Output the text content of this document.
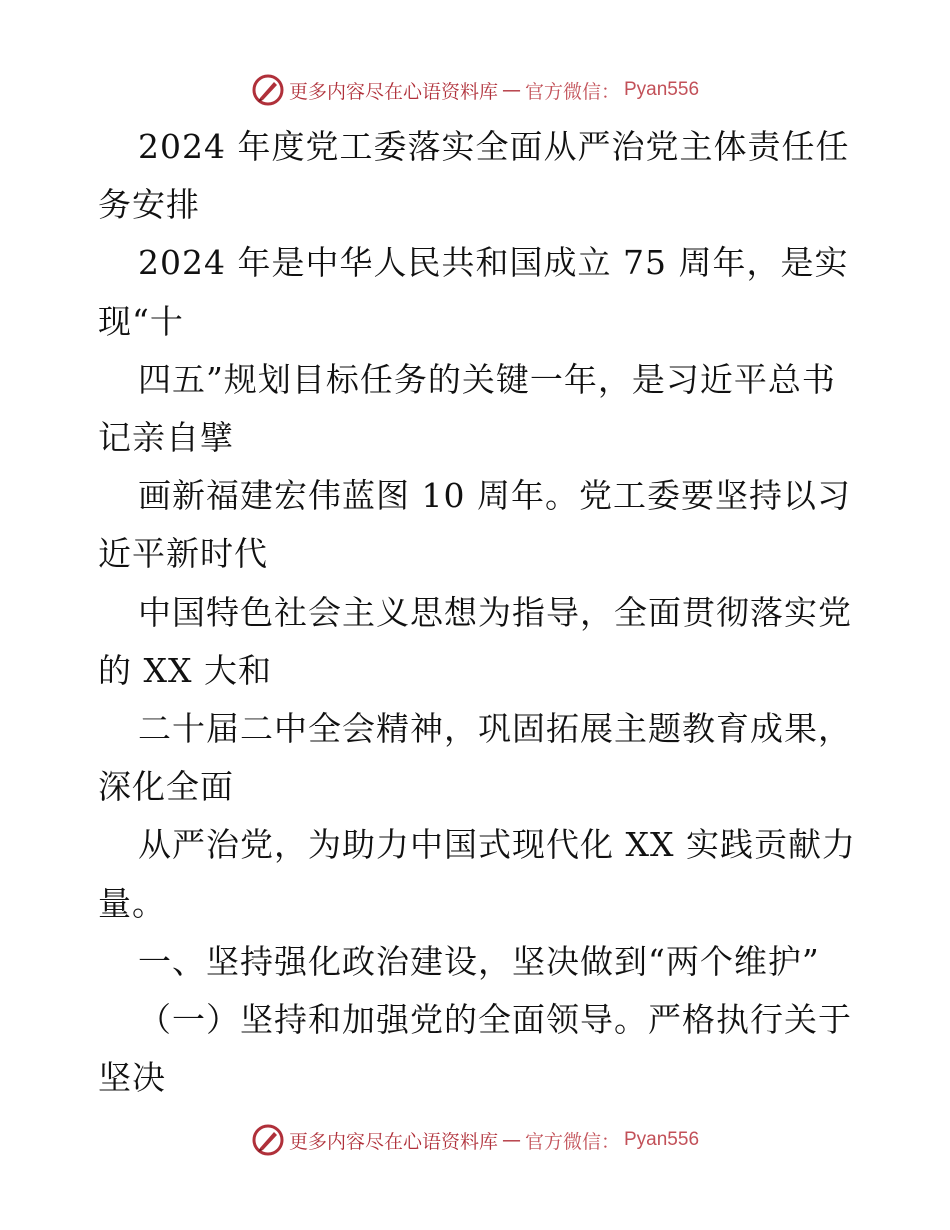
更多内容尽在心语资料库 — 官方微信： Pyan556

2024 年度党工委落实全面从严治党主体责任任

务安排

2024 年是中华人民共和国成立 75 周年，是实

现“十

四五”规划目标任务的关键一年，是习近平总书

记亲自擘

画新福建宏伟蓝图 10 周年。党工委要坚持以习

近平新时代

中国特色社会主义思想为指导，全面贯彻落实党

的 XX 大和

二十届二中全会精神，巩固拓展主题教育成果，

深化全面

从严治党，为助力中国式现代化 XX 实践贡献力

量。

一、坚持强化政治建设，坚决做到“两个维护”

（一）坚持和加强党的全面领导。严格执行关于

坚决

更多内容尽在心语资料库 — 官方微信： Pyan556
